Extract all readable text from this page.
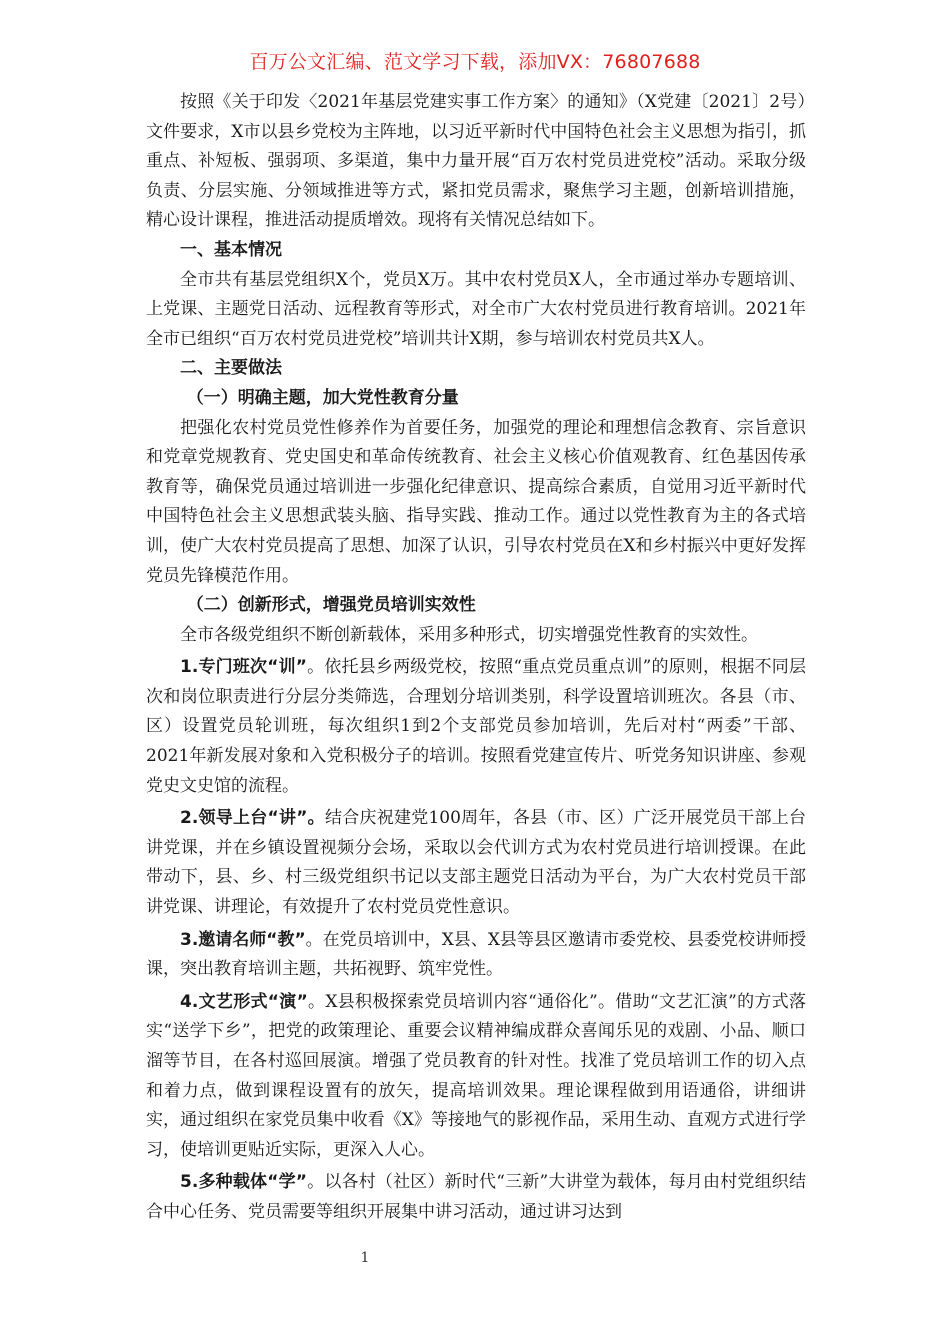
百万公文汇编、范文学习下载，添加VX：76807688

按照《关于印发〈2021年基层党建实事工作方案〉的通知》（X党建〔2021〕2号）文件要求，X市以县乡党校为主阵地，以习近平新时代中国特色社会主义思想为指引，抓重点、补短板、强弱项、多渠道，集中力量开展“百万农村党员进党校”活动。采取分级负责、分层实施、分领域推进等方式，紧扣党员需求，聚焦学习主题，创新培训措施，精心设计课程，推进活动提质增效。现将有关情况总结如下。

一、基本情况

全市共有基层党组织X个，党员X万。其中农村党员X人，全市通过举办专题培训、上党课、主题党日活动、远程教育等形式，对全市广大农村党员进行教育培训。2021年全市已组织“百万农村党员进党校”培训共计X期，参与培训农村党员共X人。

二、主要做法
（一）明确主题，加大党性教育分量

把强化农村党员党性修养作为首要任务，加强党的理论和理想信念教育、宗旨意识和党章党规教育、党史国史和革命传统教育、社会主义核心价值观教育、红色基因传承教育等，确保党员通过培训进一步强化纪律意识、提高综合素质，自觉用习近平新时代中国特色社会主义思想武装头脑、指导实践、推动工作。通过以党性教育为主的各式培训，使广大农村党员提高了思想、加深了认识，引导农村党员在X和乡村振兴中更好发挥党员先锋模范作用。

（二）创新形式，增强党员培训实效性

全市各级党组织不断创新载体，采用多种形式，切实增强党性教育的实效性。

1.专门班次“训”。依托县乡两级党校，按照“重点党员重点训”的原则，根据不同层次和岗位职责进行分层分类筛选，合理划分培训类别，科学设置培训班次。各县（市、区）设置党员轮训班，每次组织1到2个支部党员参加培训，先后对村“两委”干部、2021年新发展对象和入党积极分子的培训。按照看党建宣传片、听党务知识讲座、参观党史文史馆的流程。

2.领导上台“讲”。结合庆祝建党100周年，各县（市、区）广泛开展党员干部上台讲党课，并在乡镇设置视频分会场，采取以会代训方式为农村党员进行培训授课。在此带动下，县、乡、村三级党组织书记以支部主题党日活动为平台，为广大农村党员干部讲党课、讲理论，有效提升了农村党员党性意识。

3.邀请名师“教”。在党员培训中，X县、X县等县区邀请市委党校、县委党校讲师授课，突出教育培训主题，共拓视野、筑牢党性。

4.文艺形式“演”。X县积极探索党员培训内容“通俗化”。借助“文艺汇演”的方式落实“送学下乡”，把党的政策理论、重要会议精神编成群众喜闻乐见的戏剧、小品、顺口溜等节目，在各村巡回展演。增强了党员教育的针对性。找准了党员培训工作的切入点和着力点，做到课程设置有的放矢，提高培训效果。理论课程做到用语通俗，讲细讲实，通过组织在家党员集中收看《X》等接地气的影视作品，采用生动、直观方式进行学习，使培训更贴近实际，更深入人心。

5.多种载体“学”。以各村（社区）新时代“三新”大讲堂为载体，每月由村党组织结合中心任务、党员需要等组织开展集中讲习活动，通过讲习达到

1
